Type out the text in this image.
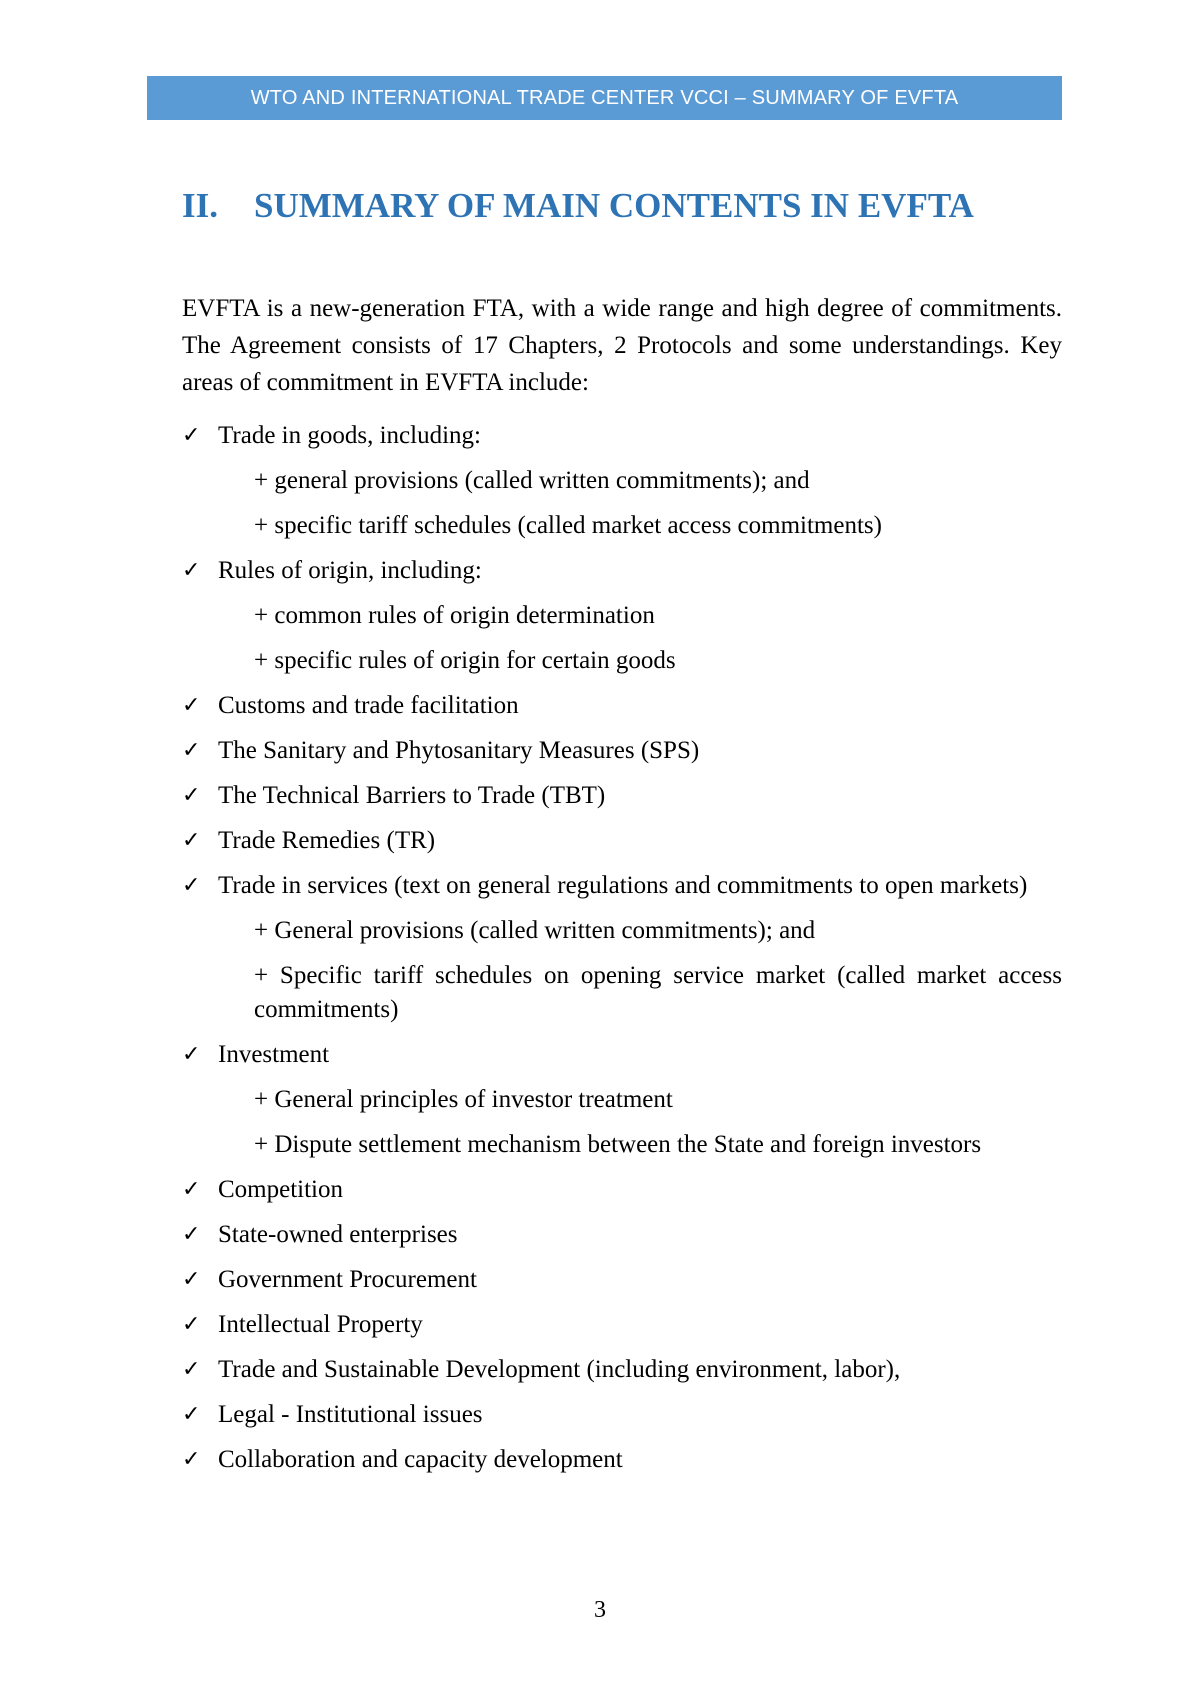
WTO AND INTERNATIONAL TRADE CENTER VCCI – SUMMARY OF EVFTA
II.	SUMMARY OF MAIN CONTENTS IN EVFTA

EVFTA is a new-generation FTA, with a wide range and high degree of commitments. The Agreement consists of 17 Chapters, 2 Protocols and some understandings. Key areas of commitment in EVFTA include:

✓ Trade in goods, including:
+ general provisions (called written commitments); and
+ specific tariff schedules (called market access commitments)
✓ Rules of origin, including:
+ common rules of origin determination
+ specific rules of origin for certain goods
✓ Customs and trade facilitation
✓ The Sanitary and Phytosanitary Measures (SPS)
✓ The Technical Barriers to Trade (TBT)
✓ Trade Remedies (TR)
✓ Trade in services (text on general regulations and commitments to open markets)
+ General provisions (called written commitments); and
+ Specific tariff schedules on opening service market (called market access commitments)
✓ Investment
+ General principles of investor treatment
+ Dispute settlement mechanism between the State and foreign investors
✓ Competition
✓ State-owned enterprises
✓ Government Procurement
✓ Intellectual Property
✓ Trade and Sustainable Development (including environment, labor),
✓ Legal - Institutional issues
✓ Collaboration and capacity development
3
